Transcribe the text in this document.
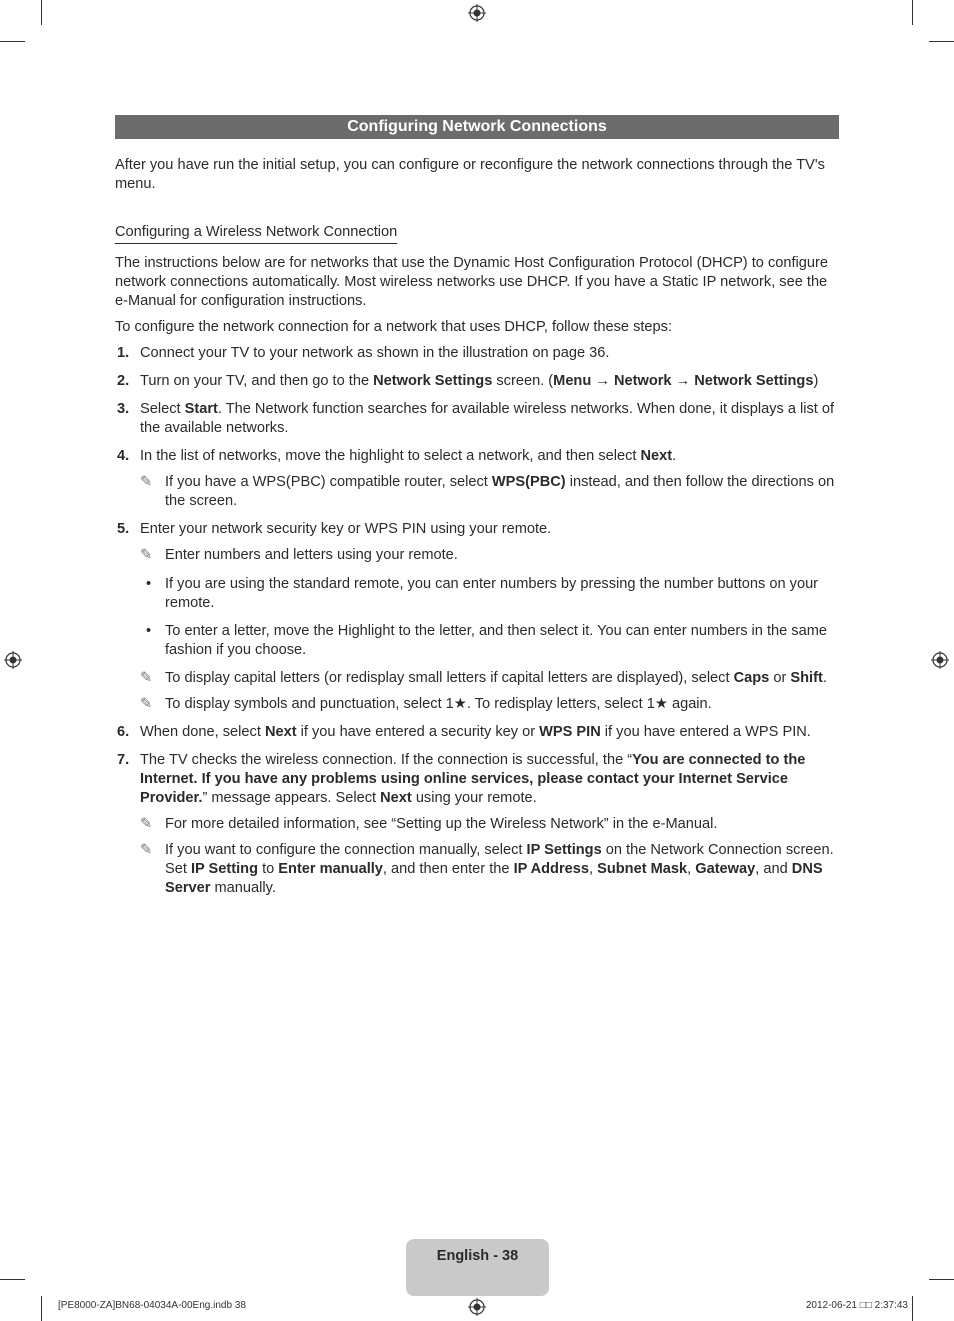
Configuring Network Connections

After you have run the initial setup, you can configure or reconfigure the network connections through the TV's menu.

Configuring a Wireless Network Connection

The instructions below are for networks that use the Dynamic Host Configuration Protocol (DHCP) to configure network connections automatically. Most wireless networks use DHCP. If you have a Static IP network, see the e-Manual for configuration instructions.

To configure the network connection for a network that uses DHCP, follow these steps:

1. Connect your TV to your network as shown in the illustration on page 36.
2. Turn on your TV, and then go to the Network Settings screen. (Menu → Network → Network Settings)
3. Select Start. The Network function searches for available wireless networks. When done, it displays a list of the available networks.
4. In the list of networks, move the highlight to select a network, and then select Next.
✎ If you have a WPS(PBC) compatible router, select WPS(PBC) instead, and then follow the directions on the screen.
5. Enter your network security key or WPS PIN using your remote.
✎ Enter numbers and letters using your remote.
• If you are using the standard remote, you can enter numbers by pressing the number buttons on your remote.
• To enter a letter, move the Highlight to the letter, and then select it. You can enter numbers in the same fashion if you choose.
✎ To display capital letters (or redisplay small letters if capital letters are displayed), select Caps or Shift.
✎ To display symbols and punctuation, select 1★. To redisplay letters, select 1★ again.
6. When done, select Next if you have entered a security key or WPS PIN if you have entered a WPS PIN.
7. The TV checks the wireless connection. If the connection is successful, the “You are connected to the Internet. If you have any problems using online services, please contact your Internet Service Provider.” message appears. Select Next using your remote.
✎ For more detailed information, see “Setting up the Wireless Network” in the e-Manual.
✎ If you want to configure the connection manually, select IP Settings on the Network Connection screen. Set IP Setting to Enter manually, and then enter the IP Address, Subnet Mask, Gateway, and DNS Server manually.
English - 38
[PE8000-ZA]BN68-04034A-00Eng.indb 38	2012-06-21 □□ 2:37:43
